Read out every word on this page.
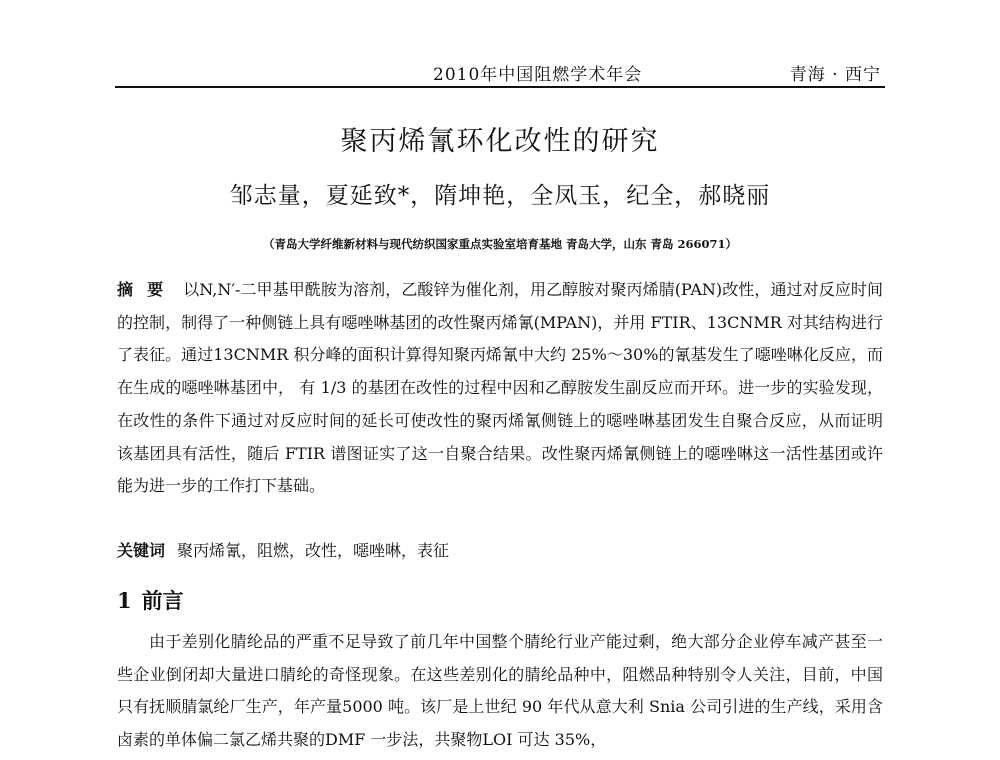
2010年中国阻燃学术年会	青海 · 西宁
聚丙烯氰环化改性的研究
邹志量，夏延致*，隋坤艳，全凤玉，纪全，郝晓丽
（青岛大学纤维新材料与现代纺织国家重点实验室培育基地 青岛大学，山东 青岛 266071）
摘要 以N,N′-二甲基甲酰胺为溶剂，乙酸锌为催化剂，用乙醇胺对聚丙烯腈(PAN)改性，通过对反应时间的控制，制得了一种侧链上具有噁唑啉基团的改性聚丙烯氰(MPAN)，并用 FTIR、13CNMR 对其结构进行了表征。通过13CNMR 积分峰的面积计算得知聚丙烯氰中大约 25%～30%的氰基发生了噁唑啉化反应，而在生成的噁唑啉基团中， 有 1/3 的基团在改性的过程中因和乙醇胺发生副反应而开环。进一步的实验发现，在改性的条件下通过对反应时间的延长可使改性的聚丙烯氰侧链上的噁唑啉基团发生自聚合反应，从而证明该基团具有活性，随后 FTIR 谱图证实了这一自聚合结果。改性聚丙烯氰侧链上的噁唑啉这一活性基团或许能为进一步的工作打下基础。
关键词 聚丙烯氰，阻燃，改性，噁唑啉，表征
1 前言
由于差别化腈纶品的严重不足导致了前几年中国整个腈纶行业产能过剩，绝大部分企业停车减产甚至一些企业倒闭却大量进口腈纶的奇怪现象。在这些差别化的腈纶品种中，阻燃品种特别令人关注，目前，中国只有抚顺腈氯纶厂生产，年产量5000 吨。该厂是上世纪 90 年代从意大利 Snia 公司引进的生产线，采用含卤素的单体偏二氯乙烯共聚的DMF 一步法，共聚物LOI 可达 35%，
